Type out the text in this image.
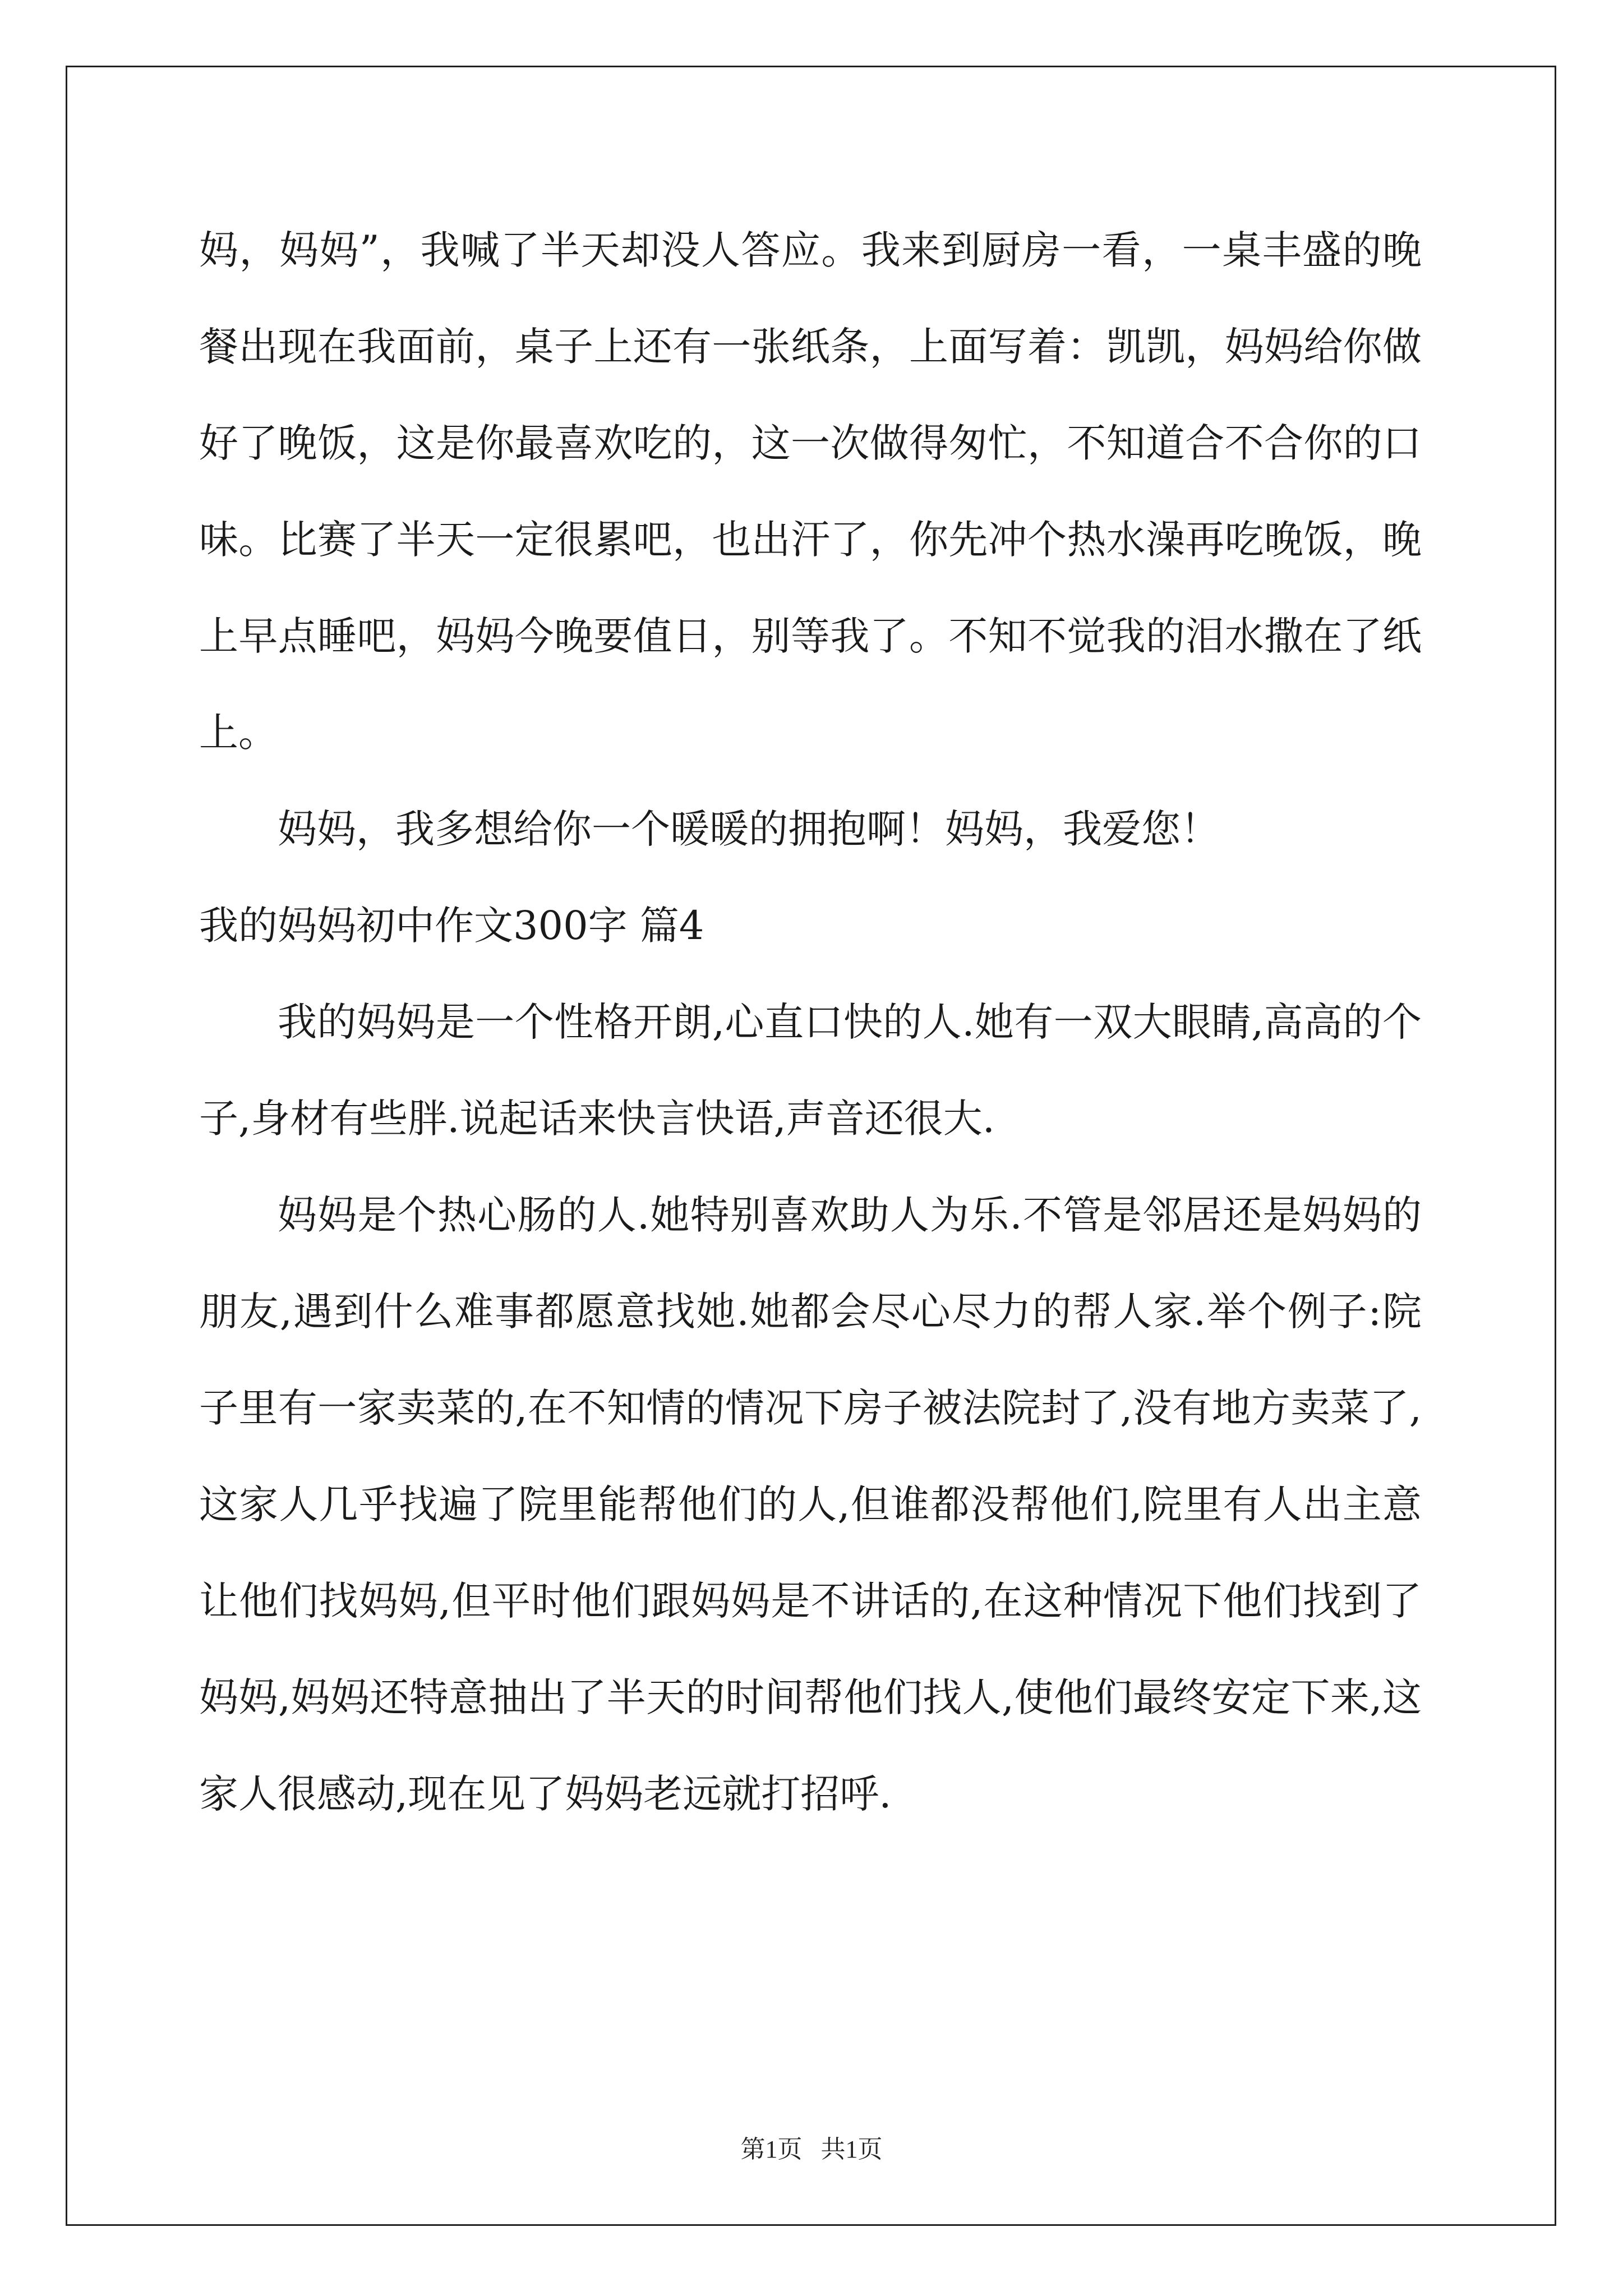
妈，妈妈”，我喊了半天却没人答应。我来到厨房一看，一桌丰盛的晚餐出现在我面前，桌子上还有一张纸条，上面写着：凯凯，妈妈给你做好了晚饭，这是你最喜欢吃的，这一次做得匆忙，不知道合不合你的口味。比赛了半天一定很累吧，也出汗了，你先冲个热水澡再吃晚饭，晚上早点睡吧，妈妈今晚要值日，别等我了。不知不觉我的泪水撒在了纸上。

妈妈，我多想给你一个暖暖的拥抱啊！妈妈，我爱您！

我的妈妈初中作文300字 篇4

我的妈妈是一个性格开朗,心直口快的人.她有一双大眼睛,高高的个子,身材有些胖.说起话来快言快语,声音还很大.

妈妈是个热心肠的人.她特别喜欢助人为乐.不管是邻居还是妈妈的朋友,遇到什么难事都愿意找她.她都会尽心尽力的帮人家.举个例子:院子里有一家卖菜的,在不知情的情况下房子被法院封了,没有地方卖菜了,这家人几乎找遍了院里能帮他们的人,但谁都没帮他们,院里有人出主意让他们找妈妈,但平时他们跟妈妈是不讲话的,在这种情况下他们找到了妈妈,妈妈还特意抽出了半天的时间帮他们找人,使他们最终安定下来,这家人很感动,现在见了妈妈老远就打招呼.

第1页   共1页
